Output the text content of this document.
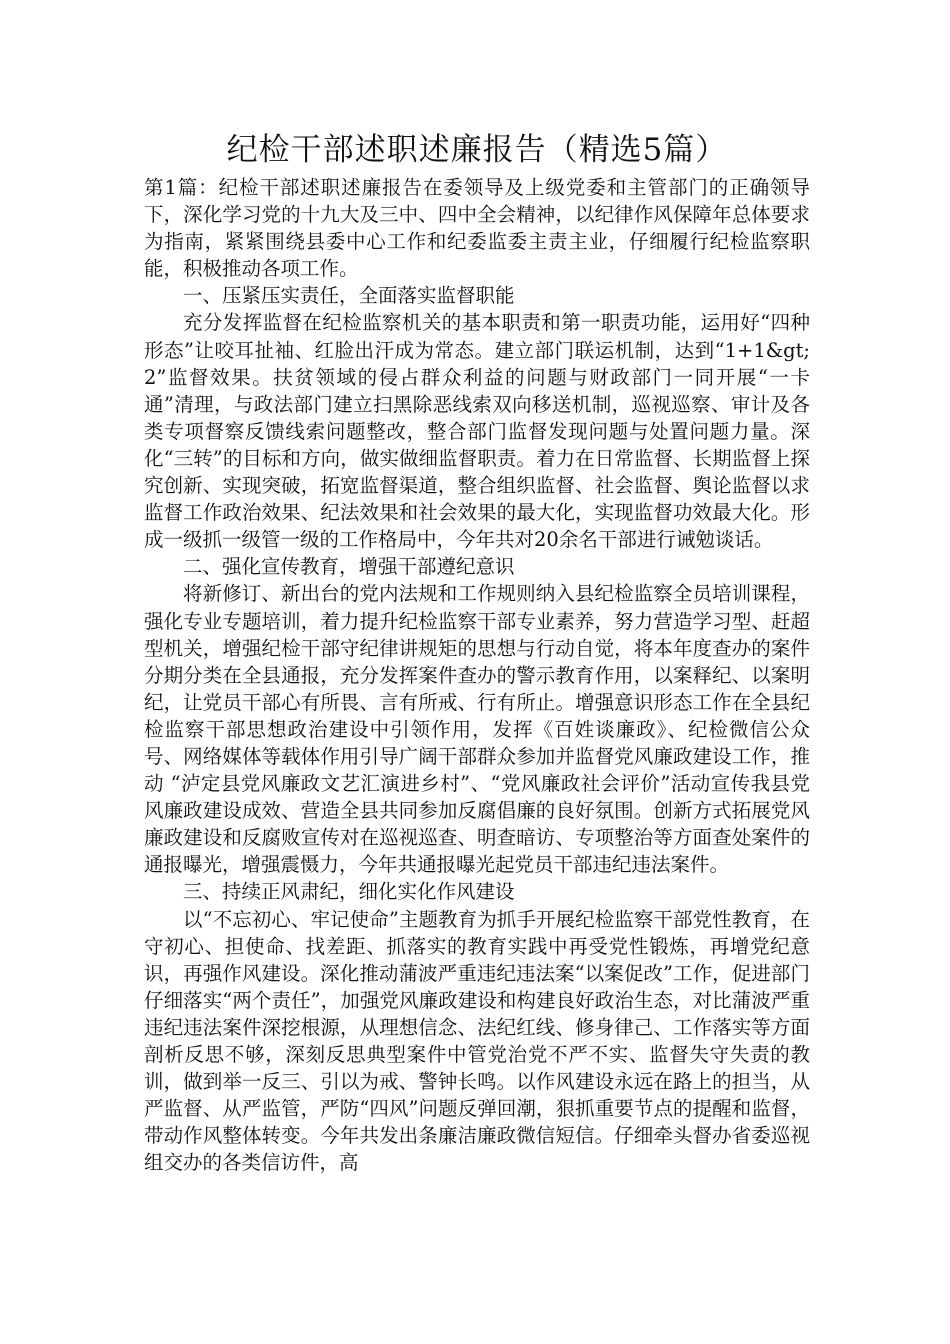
纪检干部述职述廉报告（精选5篇）

第1篇：纪检干部述职述廉报告在委领导及上级党委和主管部门的正确领导下，深化学习党的十九大及三中、四中全会精神，以纪律作风保障年总体要求为指南，紧紧围绕县委中心工作和纪委监委主责主业，仔细履行纪检监察职能，积极推动各项工作。

一、压紧压实责任，全面落实监督职能

充分发挥监督在纪检监察机关的基本职责和第一职责功能，运用好“四种形态”让咬耳扯袖、红脸出汗成为常态。建立部门联运机制，达到“1+1&gt;2”监督效果。扶贫领域的侵占群众利益的问题与财政部门一同开展“一卡通”清理，与政法部门建立扫黑除恶线索双向移送机制，巡视巡察、审计及各类专项督察反馈线索问题整改，整合部门监督发现问题与处置问题力量。深化“三转”的目标和方向，做实做细监督职责。着力在日常监督、长期监督上探究创新、实现突破，拓宽监督渠道，整合组织监督、社会监督、舆论监督以求监督工作政治效果、纪法效果和社会效果的最大化，实现监督功效最大化。形成一级抓一级管一级的工作格局中，今年共对20余名干部进行诫勉谈话。

二、强化宣传教育，增强干部遵纪意识

将新修订、新出台的党内法规和工作规则纳入县纪检监察全员培训课程，强化专业专题培训，着力提升纪检监察干部专业素养，努力营造学习型、赶超型机关，增强纪检干部守纪律讲规矩的思想与行动自觉，将本年度查办的案件分期分类在全县通报，充分发挥案件查办的警示教育作用，以案释纪、以案明纪，让党员干部心有所畏、言有所戒、行有所止。增强意识形态工作在全县纪检监察干部思想政治建设中引领作用，发挥《百姓谈廉政》、纪检微信公众号、网络媒体等载体作用引导广阔干部群众参加并监督党风廉政建设工作，推动 “泸定县党风廉政文艺汇演进乡村”、“党风廉政社会评价”活动宣传我县党风廉政建设成效、营造全县共同参加反腐倡廉的良好氛围。创新方式拓展党风廉政建设和反腐败宣传对在巡视巡查、明查暗访、专项整治等方面查处案件的通报曝光，增强震慑力，今年共通报曝光起党员干部违纪违法案件。

三、持续正风肃纪，细化实化作风建设

以“不忘初心、牢记使命”主题教育为抓手开展纪检监察干部党性教育，在守初心、担使命、找差距、抓落实的教育实践中再受党性锻炼，再增党纪意识，再强作风建设。深化推动蒲波严重违纪违法案“以案促改”工作，促进部门仔细落实“两个责任”，加强党风廉政建设和构建良好政治生态，对比蒲波严重违纪违法案件深挖根源，从理想信念、法纪红线、修身律己、工作落实等方面剖析反思不够，深刻反思典型案件中管党治党不严不实、监督失守失责的教训，做到举一反三、引以为戒、警钟长鸣。以作风建设永远在路上的担当，从严监督、从严监管，严防“四风”问题反弹回潮，狠抓重要节点的提醒和监督，带动作风整体转变。今年共发出条廉洁廉政微信短信。仔细牵头督办省委巡视组交办的各类信访件，高
